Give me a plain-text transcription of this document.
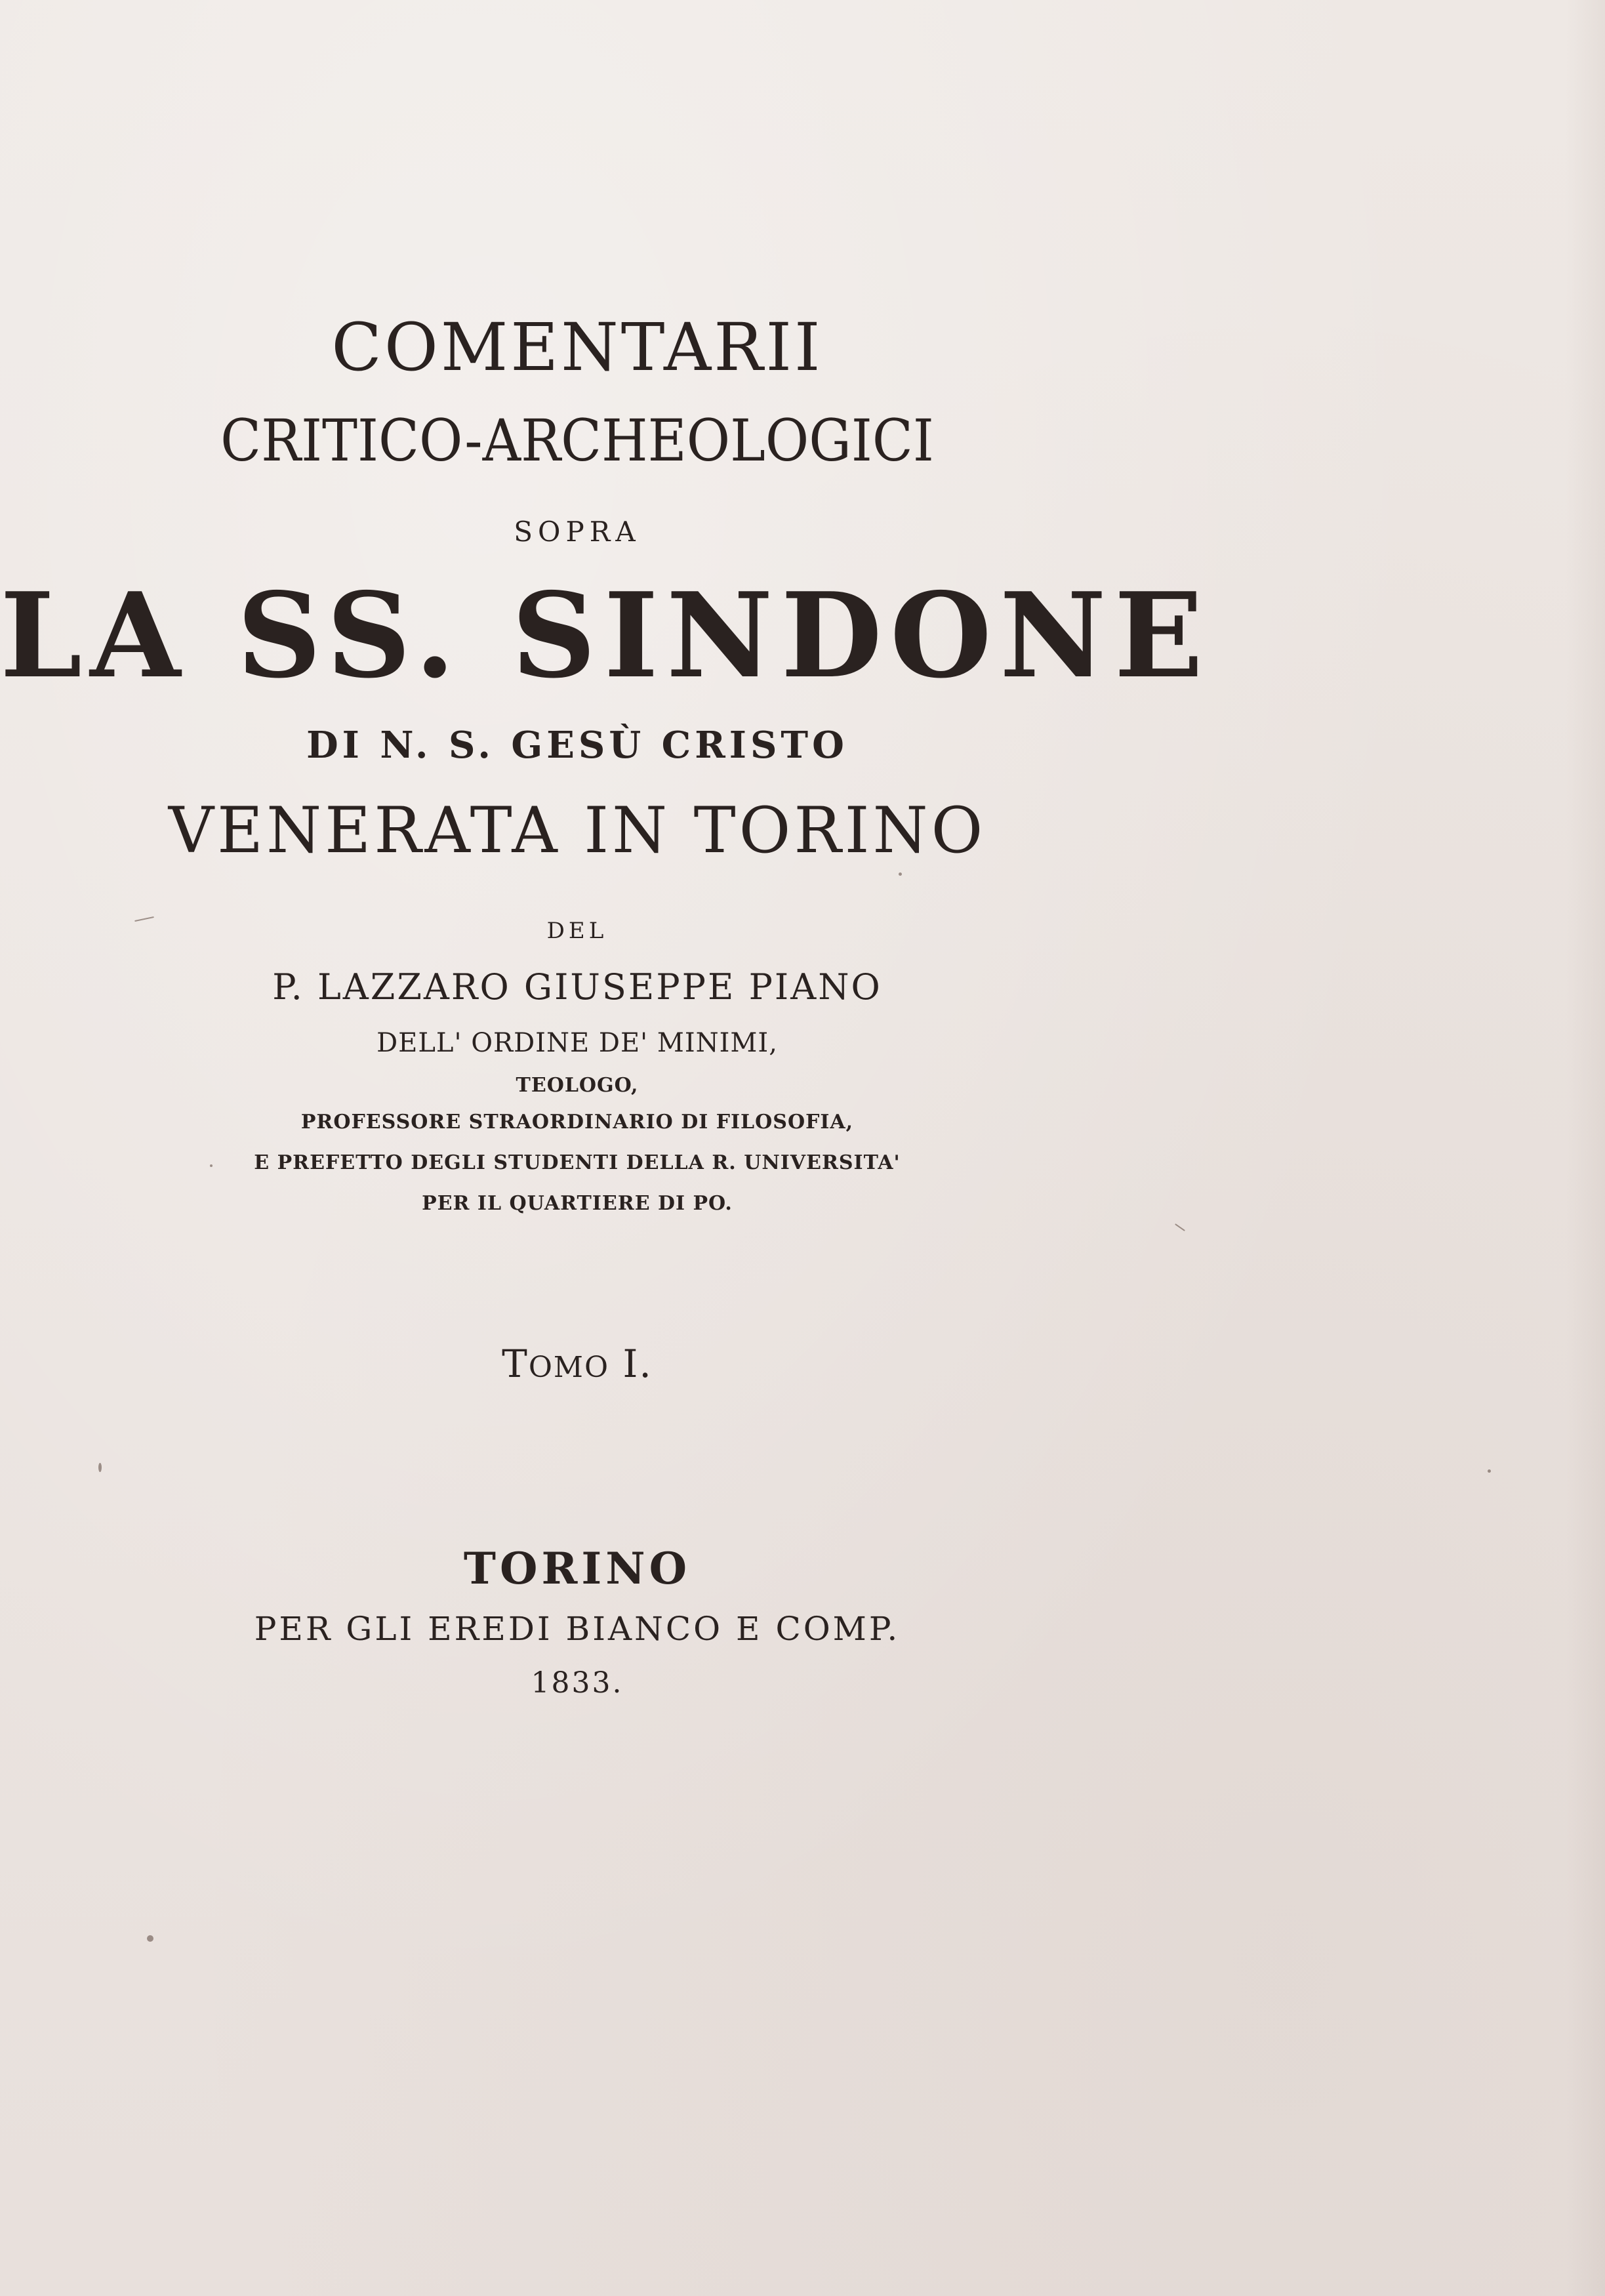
COMENTARII
CRITICO-ARCHEOLOGICI
SOPRA
LA SS. SINDONE
DI N. S. GESÙ CRISTO
VENERATA IN TORINO
DEL
P. LAZZARO GIUSEPPE PIANO
DELL' ORDINE DE' MINIMI,
TEOLOGO,
PROFESSORE STRAORDINARIO DI FILOSOFIA,
E PREFETTO DEGLI STUDENTI DELLA R. UNIVERSITA'
PER IL QUARTIERE DI PO.
TOMO I.
TORINO
PER GLI EREDI BIANCO E COMP.
1833.
